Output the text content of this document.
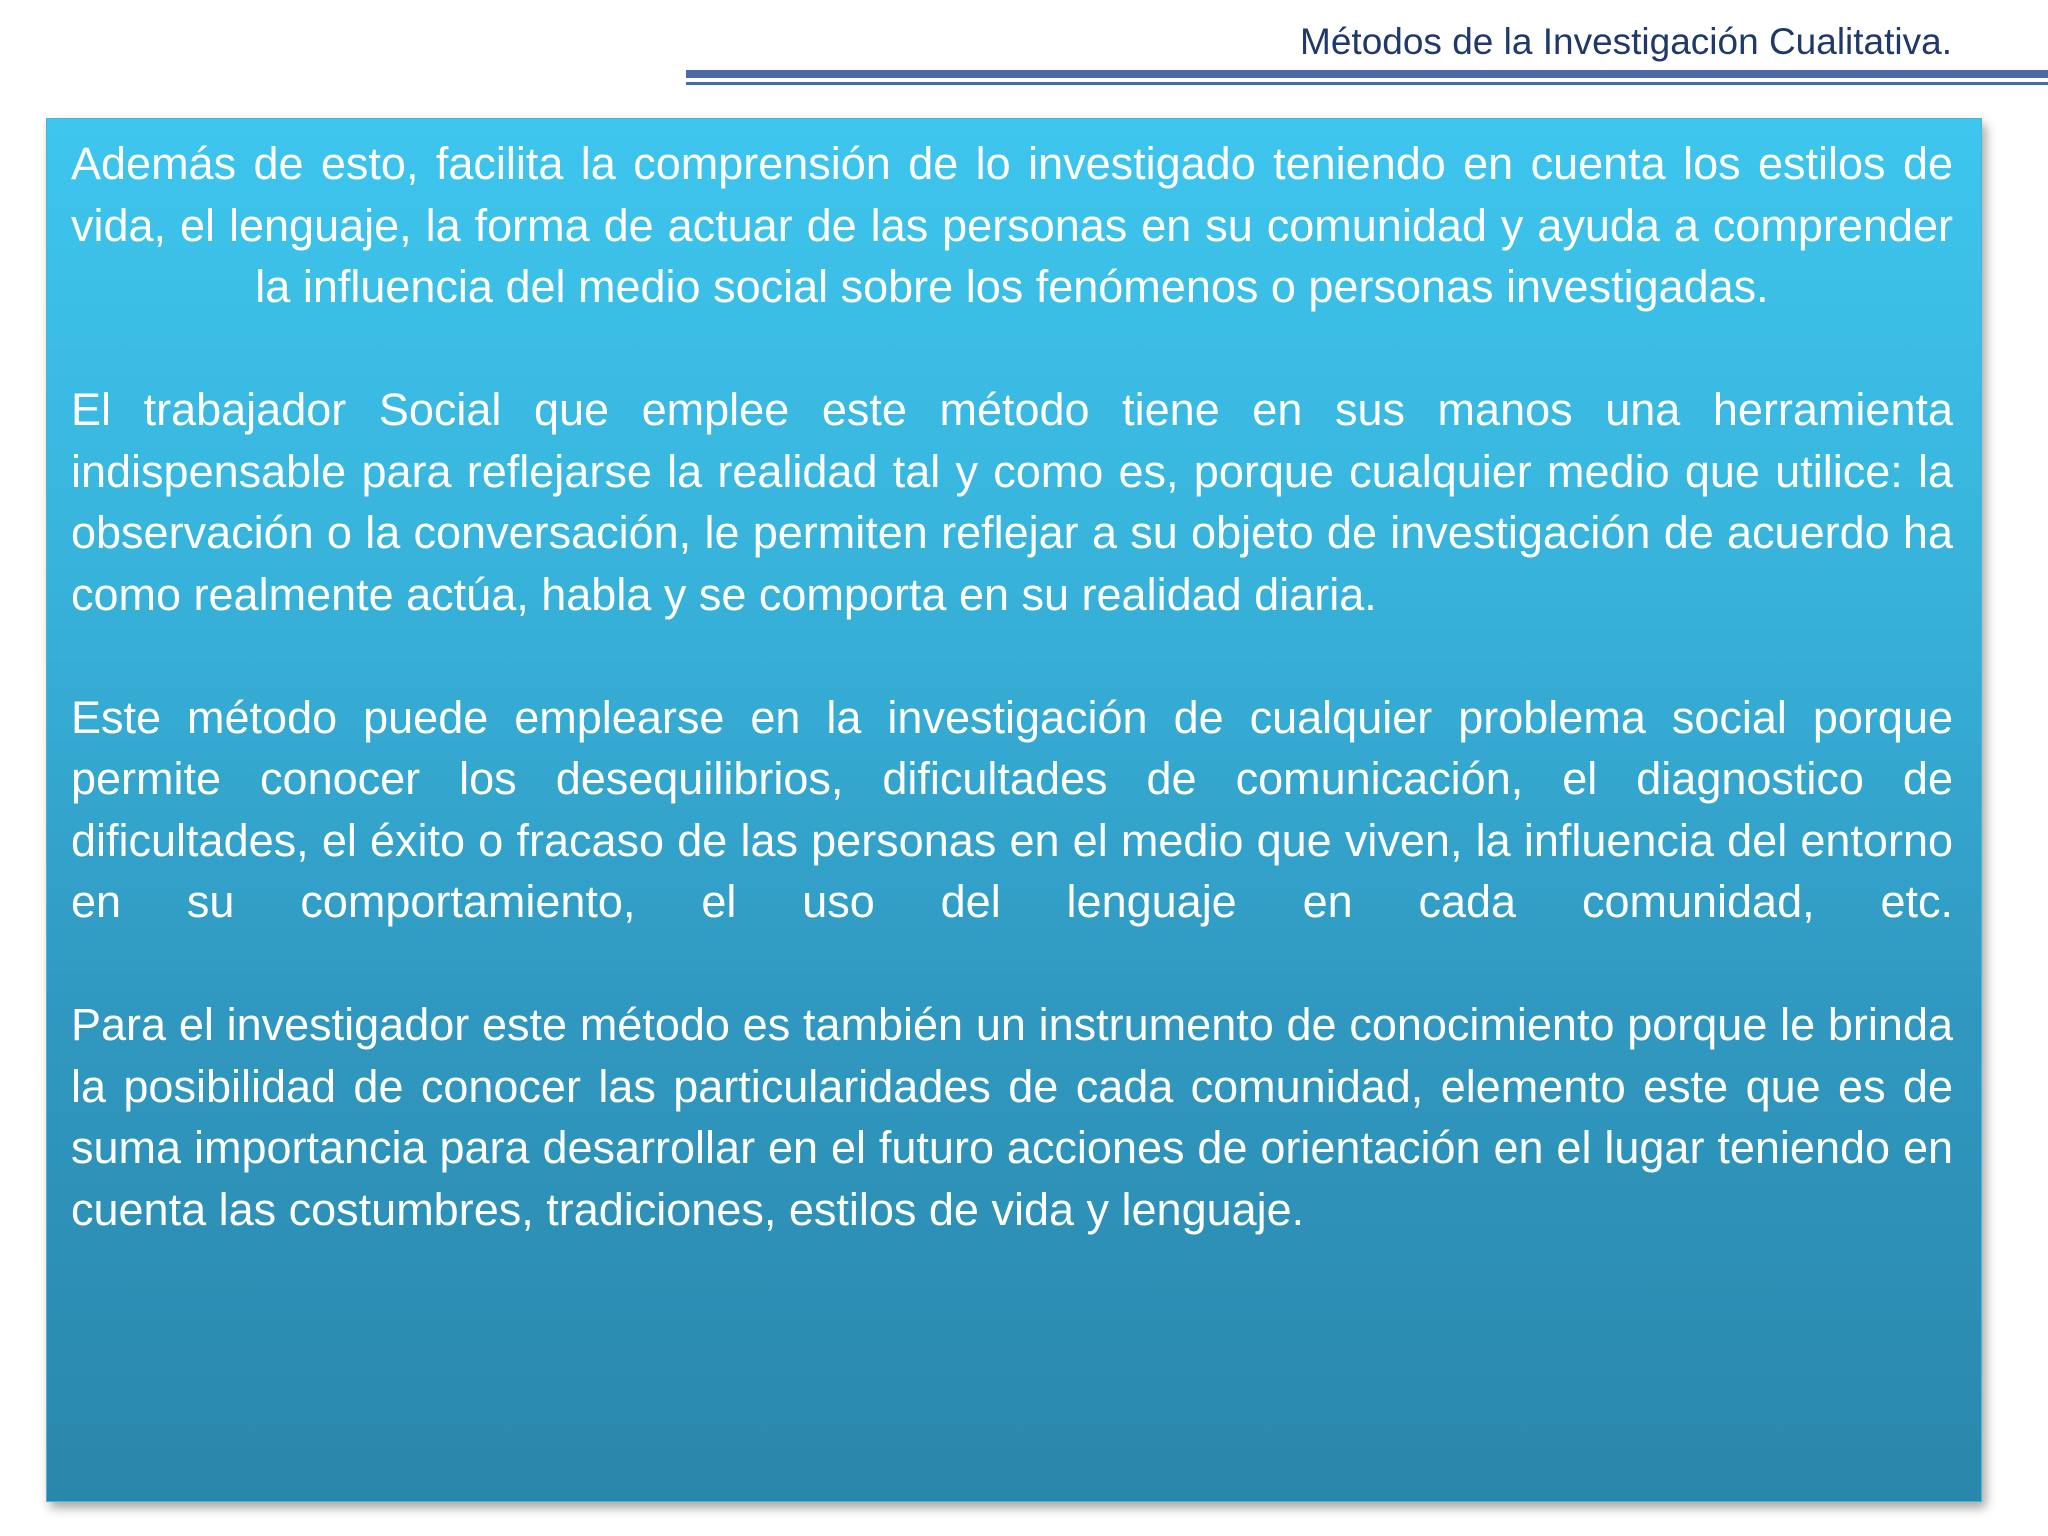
Métodos de la Investigación Cualitativa.

Además de esto, facilita la comprensión de lo investigado teniendo en cuenta los estilos de vida, el lenguaje, la forma de actuar de las personas en su comunidad y ayuda a comprender la influencia del medio social sobre los fenómenos o personas investigadas.

El trabajador Social que emplee este método tiene en sus manos una herramienta indispensable para reflejarse la realidad tal y como es, porque cualquier medio que utilice: la observación o la conversación, le permiten reflejar a su objeto de investigación de acuerdo ha como realmente actúa, habla y se comporta en su realidad diaria.

Este método puede emplearse en la investigación de cualquier problema social porque permite conocer los desequilibrios, dificultades de comunicación, el diagnostico de dificultades, el éxito o fracaso de las personas en el medio que viven, la influencia del entorno en su comportamiento, el uso del lenguaje en cada comunidad, etc.

Para el investigador este método es también un instrumento de conocimiento porque le brinda la posibilidad de conocer las particularidades de cada comunidad, elemento este que es de suma importancia para desarrollar en el futuro acciones de orientación en el lugar teniendo en cuenta las costumbres, tradiciones, estilos de vida y lenguaje.
